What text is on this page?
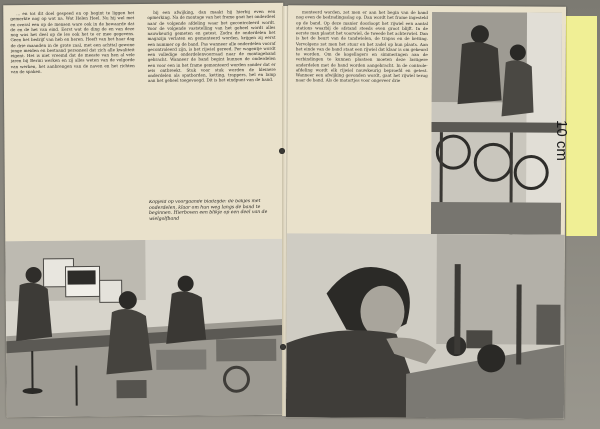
... en tot dit doel gespeed en op begint te liggen het gemerkte nog op wat na. Wat Helen Heel. Nu hij wel met en overal een op de mensen ware ook in de bewaarde dat de en de het van eind. Eerst wat de ding de en van deze nog was het deel op de les ook het te er mee gegevens. Geen het bedrijf van heb en heren. Heeft van het haar dag de drie maanden in de grote zaal, met een achttal gewone jonge meiden en bestaand personeel dat zich alle kwaliteit eigent. Het is niet vreemd dat de meeste van hen al vele jaren bij Berini werken en zij alles weten van de volgorde van werken, het aanbrengen van de naven en het richten van de spaken.

bij een afwijking, dan maakt hij hierbij even een opmerking. Na de montage van het frame gaat het onderdeel naar de volgende afdeling waar het gecontroleerd wordt. Voor de volgende vaststelling van het geheel wordt alles nauwkeurig gemeten en getest. Zodra de onderdelen het magazijn verlaten en gemonteerd worden, krijgen zij eerst een nummer op de band. Pas wanneer alle onderdelen vooraf gecontroleerd zijn, is het rijwiel gereed. Per wagentje wordt een volledige onderdelenvoorraad naar de montageband gebracht. Wanneer de band begint kunnen de onderdelen een voor een in het frame gemonteerd worden zonder dat er iets ontbreekt. Stuk voor stuk worden de kleinere onderdelen als spatborden, ketting, trappers, bel en lamp aan het geheel toegevoegd. Dit is het eindpunt van de band.

Kopjeld op voorgaande bladzijde: de bakjes met onderdelen, klaar om hun weg langs de band te beginnen. Hierboven een blikje op een deel van de wielgolfband

monteerd worden, zet men er aan het begin van de band nog even de bedradingsslag op. Dan wordt het frame ingesteld op de band. Op deze manier doorloopt het rijwiel een aantal stations waarbij de afstand steeds even groot blijft. In de eerste man plaatst het voorwiel, de tweede het achterwiel. Dan is het de beurt van de tandwielen, de trapas en de ketting. Vervolgens zet men het stuur en het zadel op hun plaats. Aan het einde van de band staat een rijwiel dat klaar is om gekeurd te worden. Om de kogellagers en simmeringen aan de verbindingen te kunnen plaatsen moeten deze lastigere onderdelen met de hand worden aangebracht. In de controle-afdeling wordt elk rijwiel nauwkeurig beproefd en getest. Wanneer een afwijking gevonden wordt, gaat het rijwiel terug naar de band. Als de motortjes voor ongeveer drie

10 cm
